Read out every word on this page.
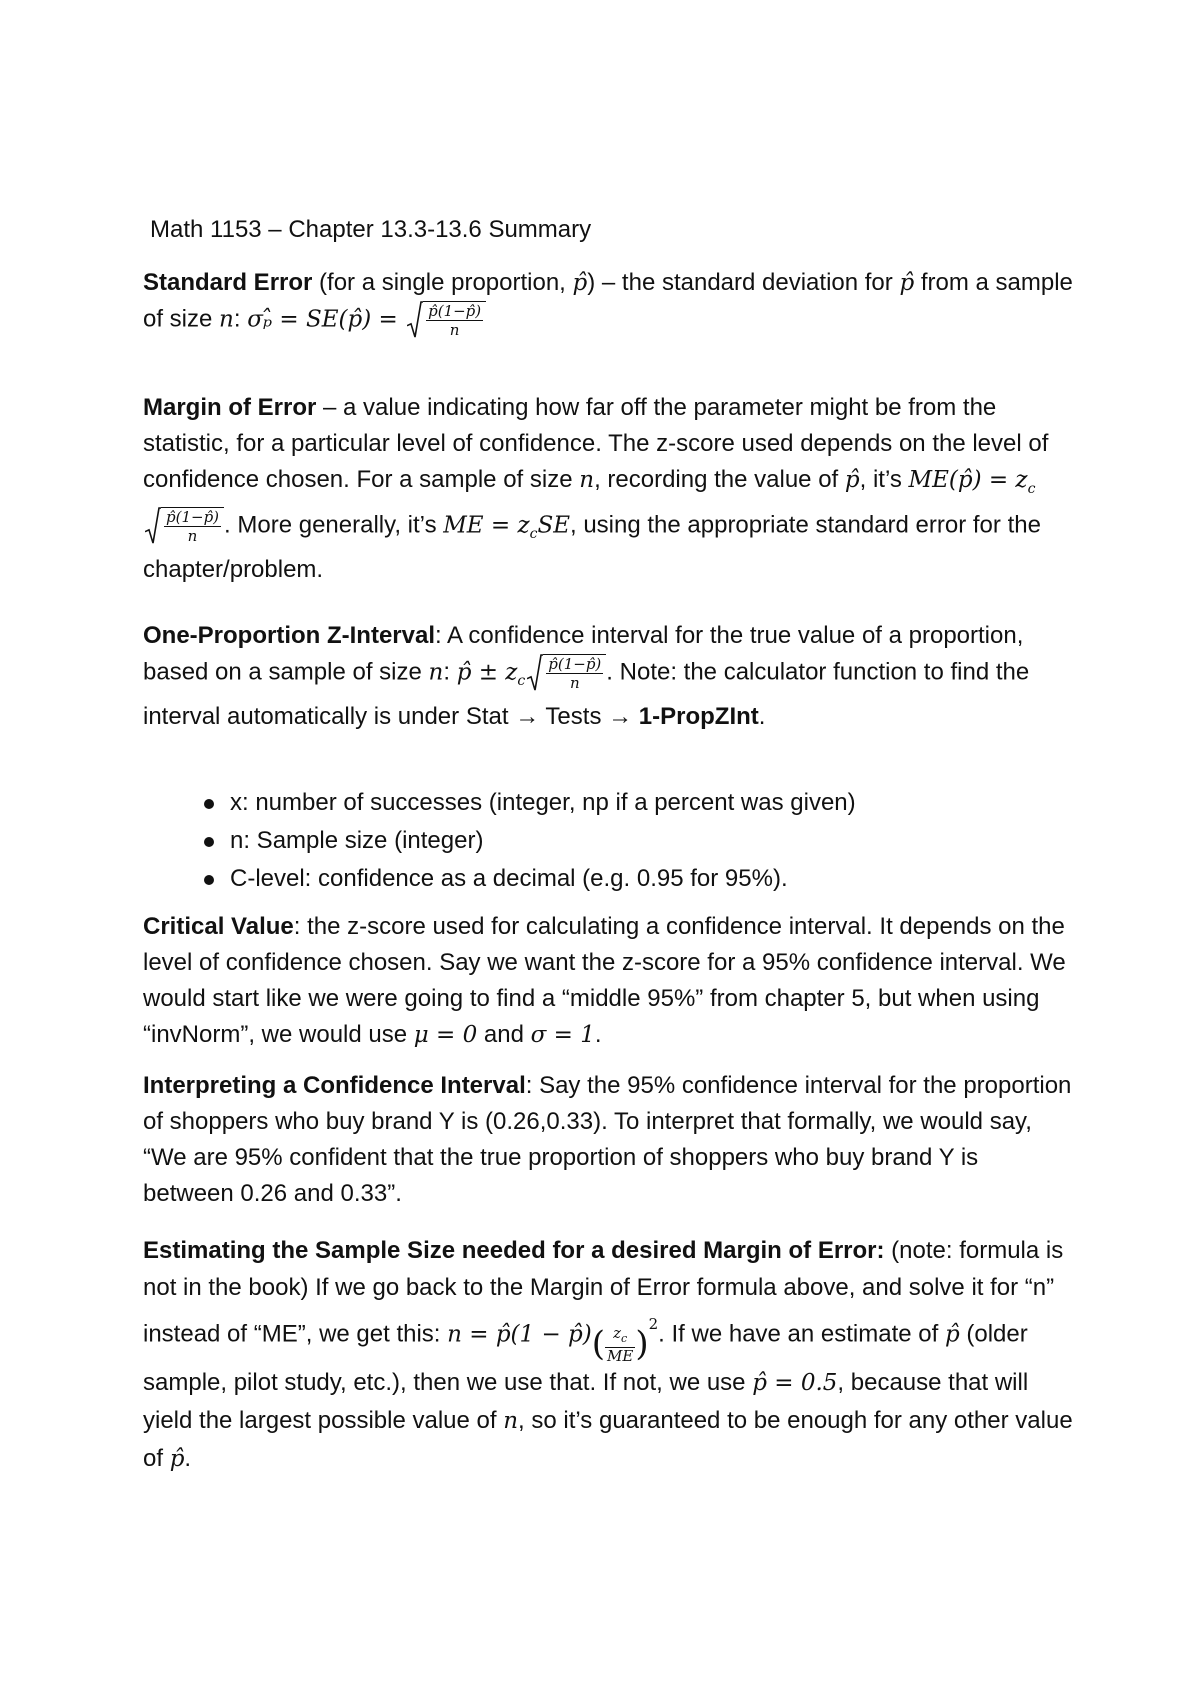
Math 1153 – Chapter 13.3-13.6 Summary
Standard Error (for a single proportion, p̂) – the standard deviation for p̂ from a sample of size n: σₚ̂ = SE(p̂) = $\frac{p̂(1-p̂)}{n}$
Margin of Error – a value indicating how far off the parameter might be from the statistic, for a particular level of confidence. The z-score used depends on the level of confidence chosen. For a sample of size n, recording the value of p̂, it’s ME(p̂) = $z_c$
$\frac{p̂(1-p̂)}{n}$ . More generally, it’s ME = $z_cSE$, using the appropriate standard error for the chapter/problem.
One-Proportion Z-Interval: A confidence interval for the true value of a proportion, based on a sample of size n: p̂ ± $z_c \frac{p̂(1-p̂)}{n}$ . Note: the calculator function to find the interval automatically is under Stat → Tests → 1-PropZInt.
x: number of successes (integer, np if a percent was given)
n: Sample size (integer)
C-level: confidence as a decimal (e.g. 0.95 for 95%).
Critical Value: the z-score used for calculating a confidence interval. It depends on the level of confidence chosen. Say we want the z-score for a 95% confidence interval. We would start like we were going to find a “middle 95%” from chapter 5, but when using “invNorm”, we would use μ = 0 and σ = 1.
Interpreting a Confidence Interval: Say the 95% confidence interval for the proportion of shoppers who buy brand Y is (0.26,0.33). To interpret that formally, we would say, “We are 95% confident that the true proportion of shoppers who buy brand Y is between 0.26 and 0.33”.
Estimating the Sample Size needed for a desired Margin of Error: (note: formula is not in the book) If we go back to the Margin of Error formula above, and solve it for “n” instead of “ME”, we get this: n = p̂(1 − p̂)( $\frac{z_c}{ME} )^2$. If we have an estimate of p̂ (older sample, pilot study, etc.), then we use that. If not, we use p̂ = 0.5, because that will yield the largest possible value of n, so it’s guaranteed to be enough for any other value of p̂.
